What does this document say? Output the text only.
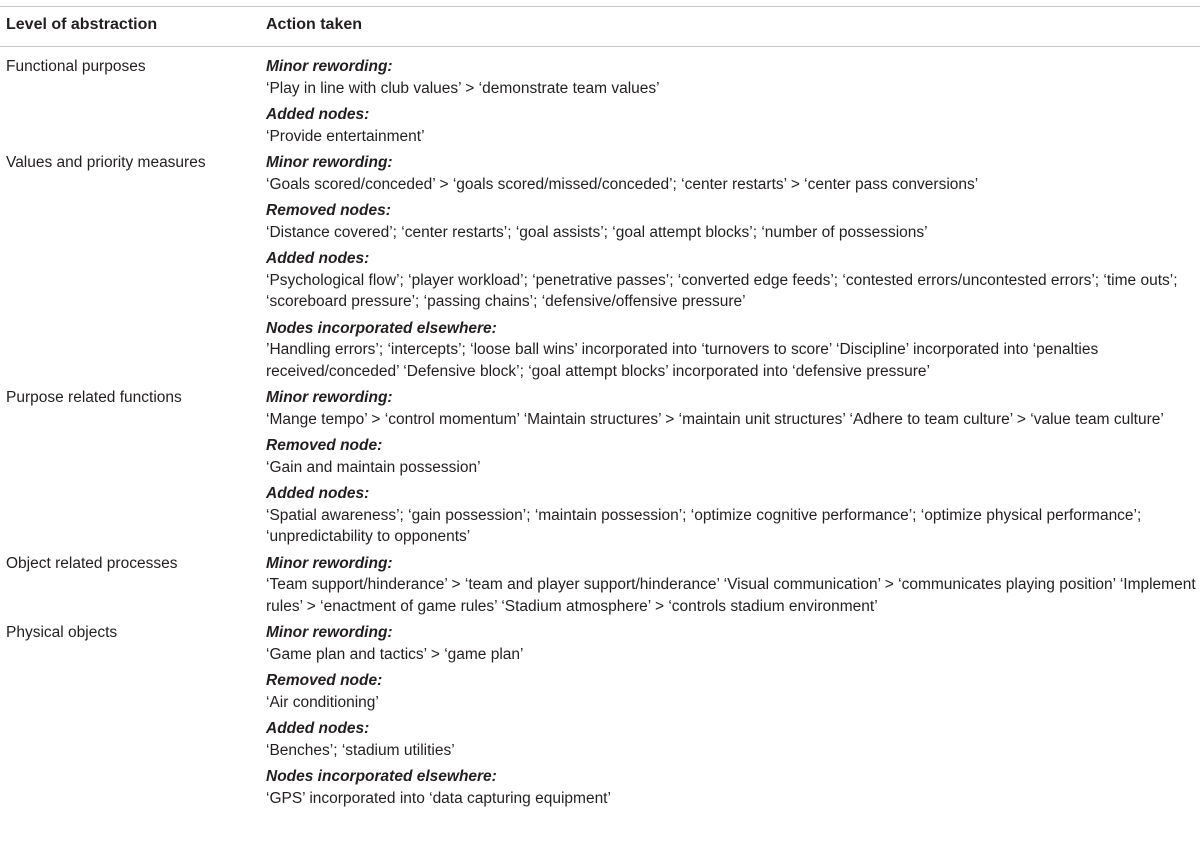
Level of abstraction	Action taken
Functional purposes	Minor rewording:
‘Play in line with club values’ > ‘demonstrate team values’
Added nodes:
‘Provide entertainment’
Values and priority measures	Minor rewording:
‘Goals scored/conceded’ > ‘goals scored/missed/conceded’; ‘center restarts’ > ‘center pass conversions’
Removed nodes:
‘Distance covered’; ‘center restarts’; ‘goal assists’; ‘goal attempt blocks’; ‘number of possessions’
Added nodes:
‘Psychological flow’; ‘player workload’; ‘penetrative passes’; ‘converted edge feeds’; ‘contested errors/uncontested errors’; ‘time outs’; ‘scoreboard pressure’; ‘passing chains’; ‘defensive/offensive pressure’
Nodes incorporated elsewhere:
’Handling errors’; ‘intercepts’; ‘loose ball wins’ incorporated into ‘turnovers to score’ ‘Discipline’ incorporated into ‘penalties received/conceded’ ‘Defensive block’; ‘goal attempt blocks’ incorporated into ‘defensive pressure’
Purpose related functions	Minor rewording:
‘Mange tempo’ > ‘control momentum’ ‘Maintain structures’ > ‘maintain unit structures’ ‘Adhere to team culture’ > ‘value team culture’
Removed node:
‘Gain and maintain possession’
Added nodes:
‘Spatial awareness’; ‘gain possession’; ‘maintain possession’; ‘optimize cognitive performance’; ‘optimize physical performance’; ‘unpredictability to opponents’
Object related processes	Minor rewording:
‘Team support/hinderance’ > ‘team and player support/hinderance’ ‘Visual communication’ > ‘communicates playing position’ ‘Implement rules’ > ‘enactment of game rules’ ‘Stadium atmosphere’ > ‘controls stadium environment’
Physical objects	Minor rewording:
‘Game plan and tactics’ > ‘game plan’
Removed node:
‘Air conditioning’
Added nodes:
‘Benches’; ‘stadium utilities’
Nodes incorporated elsewhere:
‘GPS’ incorporated into ‘data capturing equipment’
